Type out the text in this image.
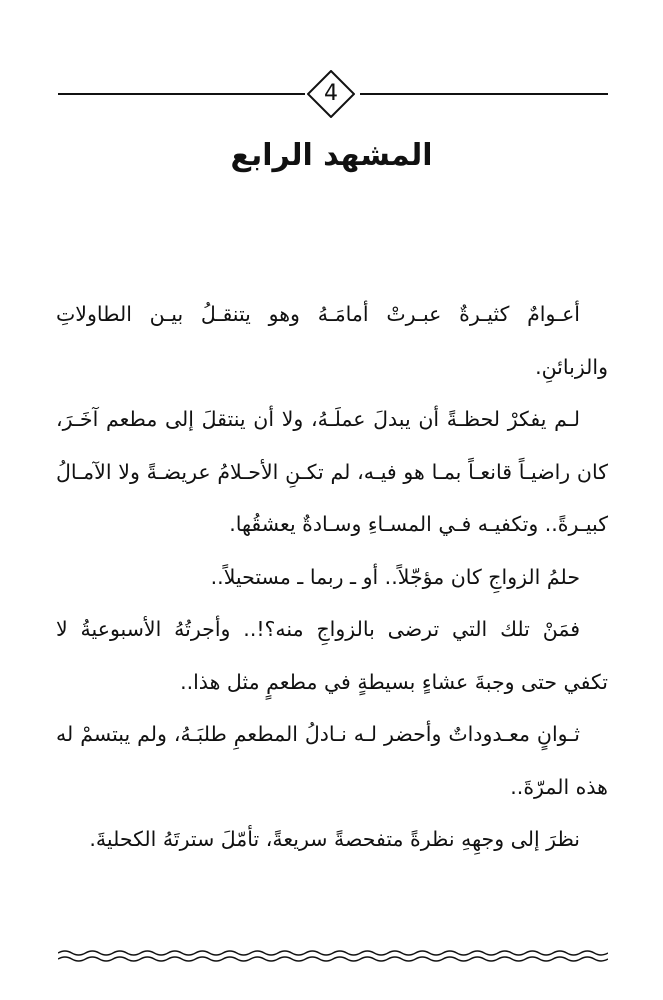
4
المشهد الرابع

أعـوامٌ كثيـرةٌ عبـرتْ أمامَـهُ وهو يتنقـلُ بيـن الطاولاتِ والزبائنِ.

لـم يفكرْ لحظـةً أن يبدلَ عملَـهُ، ولا أن ينتقلَ إلى مطعم آخَـرَ، كان راضيـاً قانعـاً بمـا هو فيـه، لم تكـنِ الأحـلامُ عريضـةً ولا الآمـالُ كبيـرةً.. وتكفيـه فـي المسـاءِ وسـادةٌ يعشقُها.

حلمُ الزواجِ كان مؤجّلاً.. أو ـ ربما ـ مستحيلاً..

فمَنْ تلك التي ترضى بالزواجِ منه؟!.. وأجرتُهُ الأسبوعيةُ لا تكفي حتى وجبةَ عشاءٍ بسيطةٍ في مطعمٍ مثل هذا..

ثـوانٍ معـدوداتٌ وأحضر لـه نـادلُ المطعمِ طلبَـهُ، ولم يبتسمْ له هذه المرّةَ..

نظرَ إلى وجهِهِ نظرةً متفحصةً سريعةً، تأمّلَ سترتَهُ الكحليةَ.
